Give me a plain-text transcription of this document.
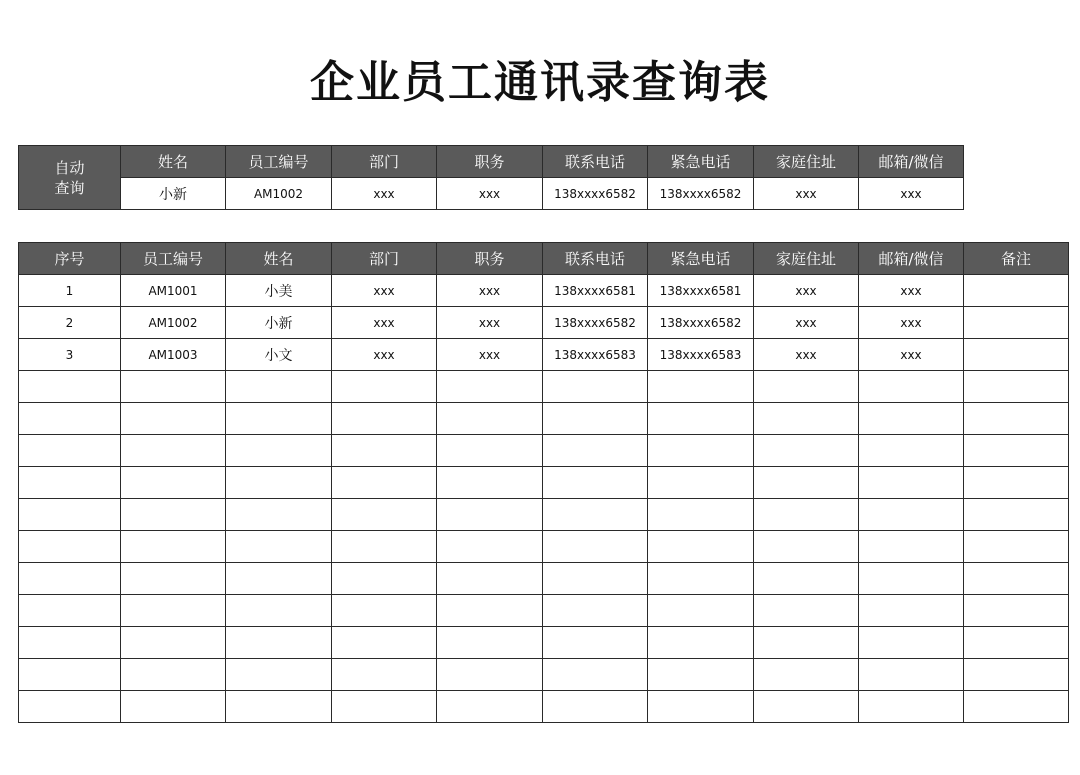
企业员工通讯录查询表
自动
查询	姓名	员工编号	部门	职务	联系电话	紧急电话	家庭住址	邮箱/微信
	小新	AM1002	xxx	xxx	138xxxx6582	138xxxx6582	xxx	xxx
序号	员工编号	姓名	部门	职务	联系电话	紧急电话	家庭住址	邮箱/微信	备注
1	AM1001	小美	xxx	xxx	138xxxx6581	138xxxx6581	xxx	xxx	
2	AM1002	小新	xxx	xxx	138xxxx6582	138xxxx6582	xxx	xxx	
3	AM1003	小文	xxx	xxx	138xxxx6583	138xxxx6583	xxx	xxx	
